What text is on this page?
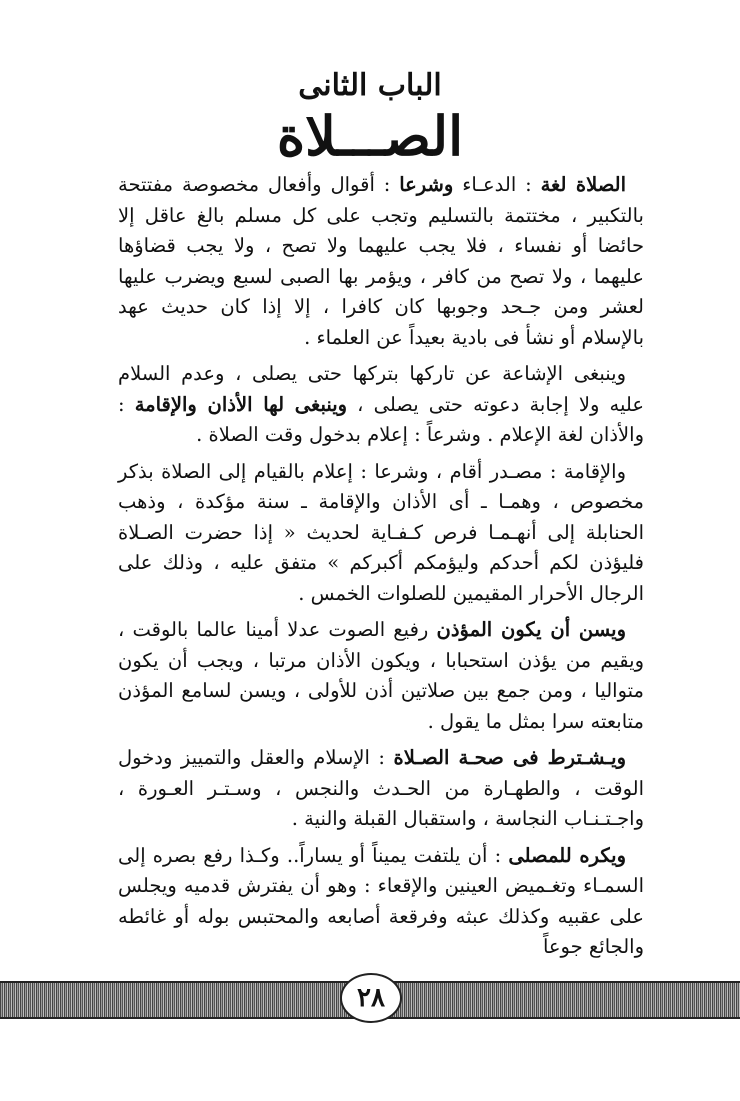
الباب الثانى
الصـــلاة

الصلاة لغة : الدعـاء وشرعا : أقوال وأفعال مخصوصة مفتتحة بالتكبير ، مختتمة بالتسليم وتجب على كل مسلم بالغ عاقل إلا حائضا أو نفساء ، فلا يجب عليهما ولا تصح ، ولا يجب قضاؤها عليهما ، ولا تصح من كافر ، ويؤمر بها الصبى لسبع ويضرب عليها لعشر ومن جـحد وجوبها كان كافرا ، إلا إذا كان حديث عهد بالإسلام أو نشأ فى بادية بعيداً عن العلماء .

وينبغى الإشاعة عن تاركها بتركها حتى يصلى ، وعدم السلام عليه ولا إجابة دعوته حتى يصلى ، وينبغى لها الأذان والإقامة : والأذان لغة الإعلام . وشرعاً : إعلام بدخول وقت الصلاة .

والإقامة : مصـدر أقام ، وشرعا : إعلام بالقيام إلى الصلاة بذكر مخصوص ، وهمـا ـ أى الأذان والإقامة ـ سنة مؤكدة ، وذهب الحنابلة إلى أنهـمـا فرص كـفـاية لحديث « إذا حضرت الصـلاة فليؤذن لكم أحدكم وليؤمكم أكبركم » متفق عليه ، وذلك على الرجال الأحرار المقيمين للصلوات الخمس .

ويسن أن يكون المؤذن رفيع الصوت عدلا أمينا عالما بالوقت ، ويقيم من يؤذن استحبابا ، ويكون الأذان مرتبا ، ويجب أن يكون متواليا ، ومن جمع بين صلاتين أذن للأولى ، ويسن لسامع المؤذن متابعته سرا بمثل ما يقول .

ويـشـترط فى صحـة الصـلاة : الإسلام والعقل والتمييز ودخول الوقت ، والطهـارة من الحـدث والنجس ، وسـتـر العـورة ، واجـتـنـاب النجاسة ، واستقبال القبلة والنية .

ويكره للمصلى : أن يلتفت يميناً أو يساراً.. وكـذا رفع بصره إلى السمـاء وتغـميض العينين والإقعاء : وهو أن يفترش قدميه ويجلس على عقبيه وكذلك عبثه وفرقعة أصابعه والمحتبس بوله أو غائطه والجائع جوعاً

٢٨
